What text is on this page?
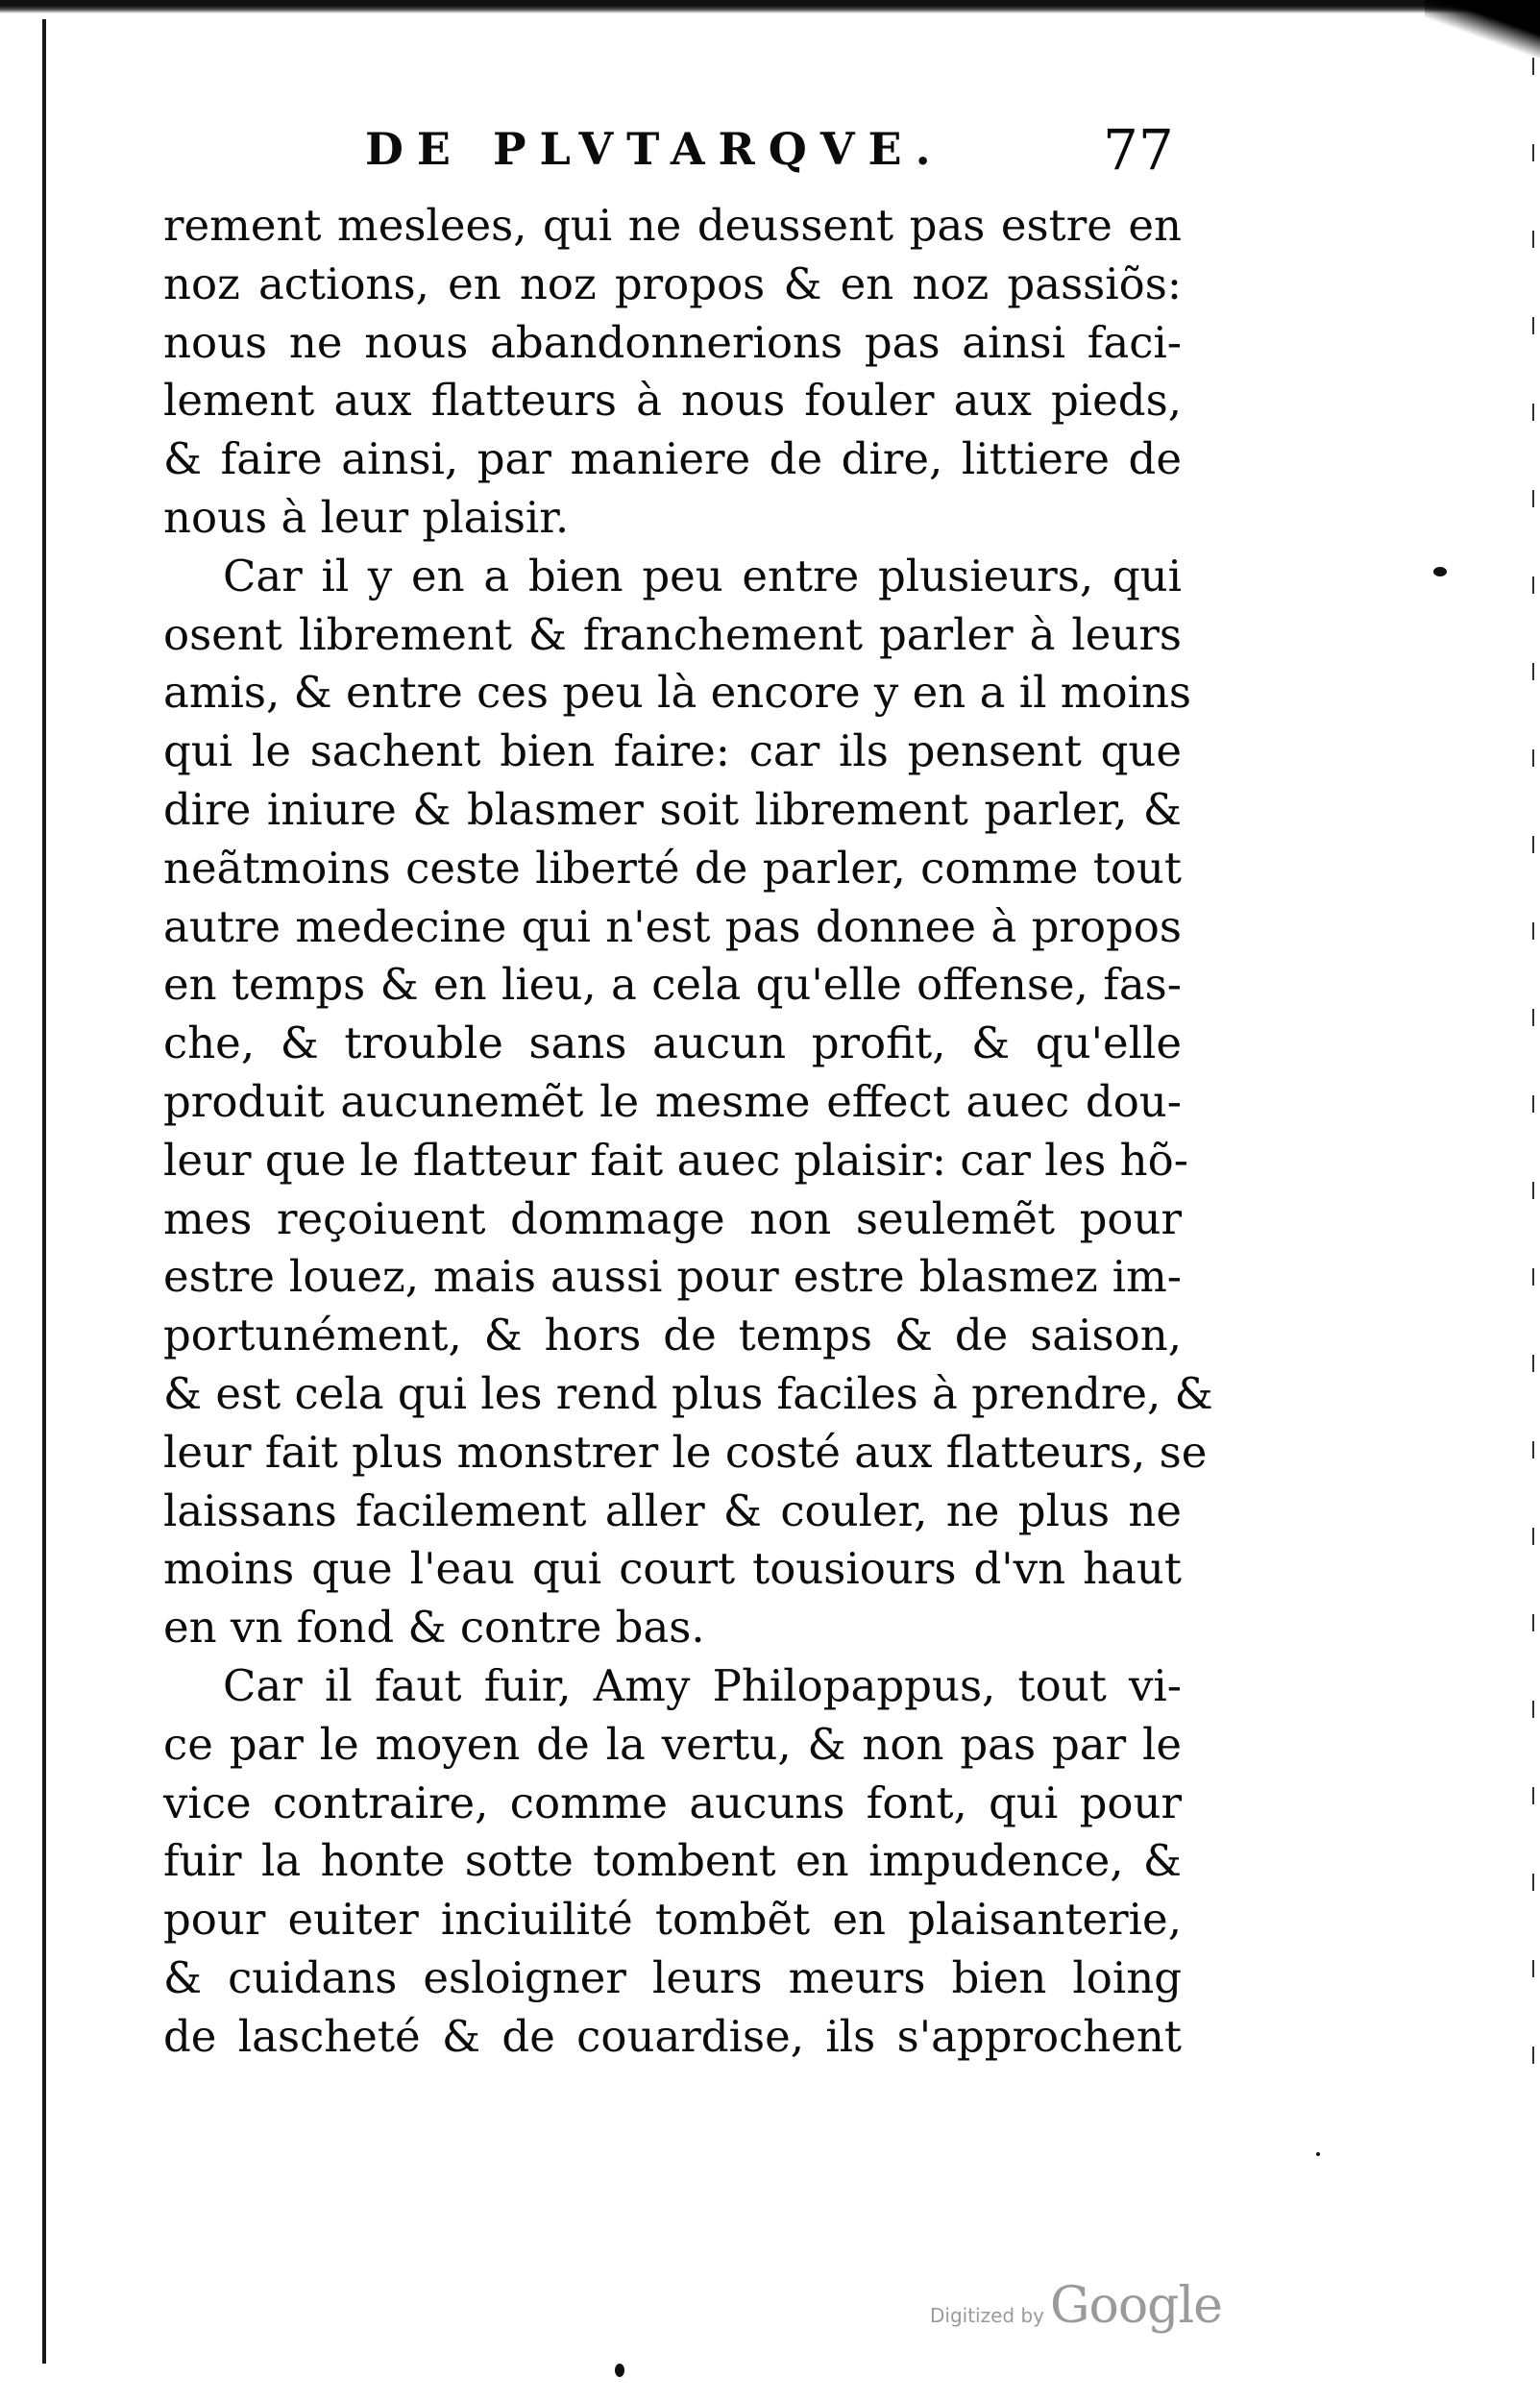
DE PLVTARQVE.	77
rement meslees, qui ne deussent pas estre en
noz actions, en noz propos & en noz passiõs:
nous ne nous abandonnerions pas ainsi faci-
lement aux flatteurs à nous fouler aux pieds,
& faire ainsi, par maniere de dire, littiere de
nous à leur plaisir.
Car il y en a bien peu entre plusieurs, qui
osent librement & franchement parler à leurs
amis, & entre ces peu là encore y en a il moins
qui le sachent bien faire: car ils pensent que
dire iniure & blasmer soit librement parler, &
neãtmoins ceste liberté de parler, comme tout
autre medecine qui n'est pas donnee à propos
en temps & en lieu, a cela qu'elle offense, fas-
che, & trouble sans aucun profit, & qu'elle
produit aucunemẽt le mesme effect auec dou-
leur que le flatteur fait auec plaisir: car les hõ-
mes reçoiuent dommage non seulemẽt pour
estre louez, mais aussi pour estre blasmez im-
portunément, & hors de temps & de saison,
& est cela qui les rend plus faciles à prendre, &
leur fait plus monstrer le costé aux flatteurs, se
laissans facilement aller & couler, ne plus ne
moins que l'eau qui court tousiours d'vn haut
en vn fond & contre bas.
Car il faut fuir, Amy Philopappus, tout vi-
ce par le moyen de la vertu, & non pas par le
vice contraire, comme aucuns font, qui pour
fuir la honte sotte tombent en impudence, &
pour euiter inciuilité tombẽt en plaisanterie,
& cuidans esloigner leurs meurs bien loing
de lascheté & de couardise, ils s'approchent
Digitized by Google
